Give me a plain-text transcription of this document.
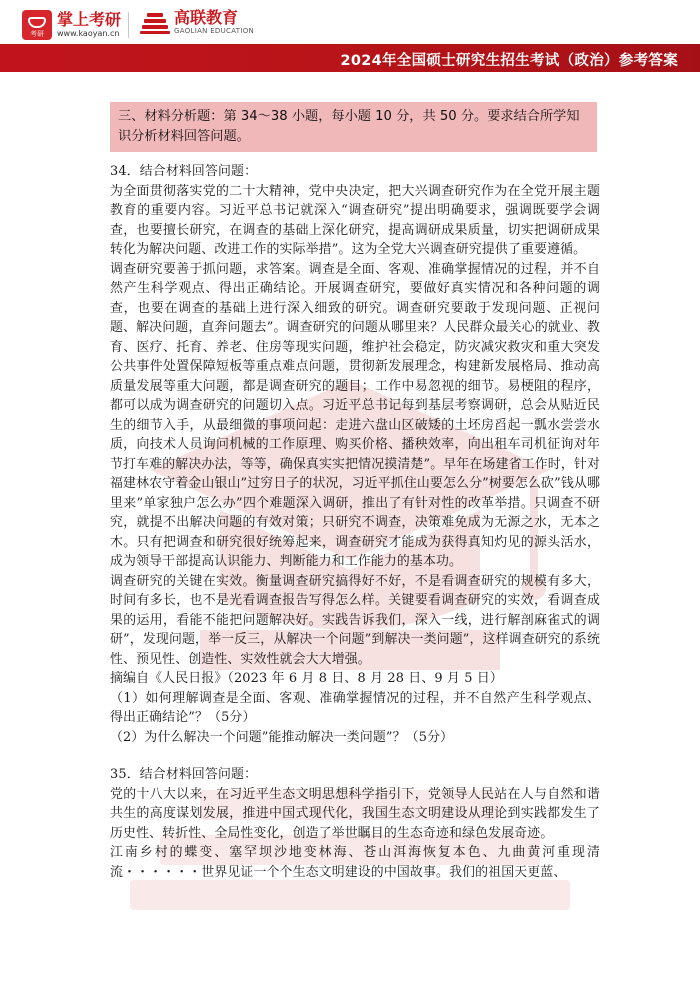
考研
掌上考研
www.kaoyan.cn
高联教育
GAOLIAN EDUCATION
2024年全国硕士研究生招生考试（政治）参考答案
三、材料分析题：第 34～38 小题，每小题 10 分，共 50 分。要求结合所学知识分析材料回答问题。

34．结合材料回答问题：

为全面贯彻落实党的二十大精神，党中央决定，把大兴调查研究作为在全党开展主题教育的重要内容。习近平总书记就深入“调查研究”提出明确要求，强调既要学会调查，也要擅长研究，在调查的基础上深化研究，提高调研成果质量，切实把调研成果转化为解决问题、改进工作的实际举措”。这为全党大兴调查研究提供了重要遵循。

调查研究要善于抓问题，求答案。调查是全面、客观、准确掌握情况的过程，并不自然产生科学观点、得出正确结论。开展调查研究，要做好真实情况和各种问题的调查，也要在调查的基础上进行深入细致的研究。调查研究要敢于发现问题、正视问题、解决问题，直奔问题去”。调查研究的问题从哪里来？人民群众最关心的就业、教育、医疗、托育、养老、住房等现实问题，维护社会稳定，防灾减灾救灾和重大突发公共事件处置保障短板等重点难点问题，贯彻新发展理念，构建新发展格局、推动高质量发展等重大问题，都是调查研究的题目；工作中易忽视的细节。易梗阻的程序，都可以成为调查研究的问题切入点。习近平总书记每到基层考察调研，总会从贴近民生的细节入手，从最细微的事项问起：走进六盘山区破矮的土坯房舀起一瓢水尝尝水质，向技术人员询问机械的工作原理、购买价格、播秧效率，向出租车司机征询对年节打车难的解决办法，等等，确保真实实把情况摸清楚”。早年在场建省工作时，针对福建林农守着金山银山”过穷日子的状况，习近平抓住山要怎么分”树要怎么砍”钱从哪里来”单家独户怎么办”四个难题深入调研，推出了有针对性的改革举措。只调查不研究，就提不出解决问题的有效对策；只研究不调查，决策难免成为无源之水，无本之木。只有把调查和研究很好统筹起来，调查研究才能成为获得真知灼见的源头活水，成为领导干部提高认识能力、判断能力和工作能力的基本功。

调查研究的关键在实效。衡量调查研究搞得好不好，不是看调查研究的规模有多大，时间有多长，也不是光看调查报告写得怎么样。关键要看调查研究的实效，看调查成果的运用，看能不能把问题解决好。实践告诉我们，深入一线，进行解剖麻雀式的调研”，发现问题，举一反三，从解决一个问题”到解决一类问题”，这样调查研究的系统性、预见性、创造性、实效性就会大大增强。

摘编自《人民日报》（2023 年 6 月 8 日、8 月 28 日、9 月 5 日）

（1）如何理解调查是全面、客观、准确掌握情况的过程，并不自然产生科学观点、得出正确结论”？（5分）

（2）为什么解决一个问题”能推动解决一类问题”？（5分）

35．结合材料回答问题：

党的十八大以来，在习近平生态文明思想科学指引下，党领导人民站在人与自然和谐共生的高度谋划发展，推进中国式现代化，我国生态文明建设从理论到实践都发生了历史性、转折性、全局性变化，创造了举世瞩目的生态奇迹和绿色发展奇迹。

江南乡村的蝶变、塞罕坝沙地变林海、苍山洱海恢复本色、九曲黄河重现清流・・・・・・世界见证一个个生态文明建设的中国故事。我们的祖国天更蓝、
